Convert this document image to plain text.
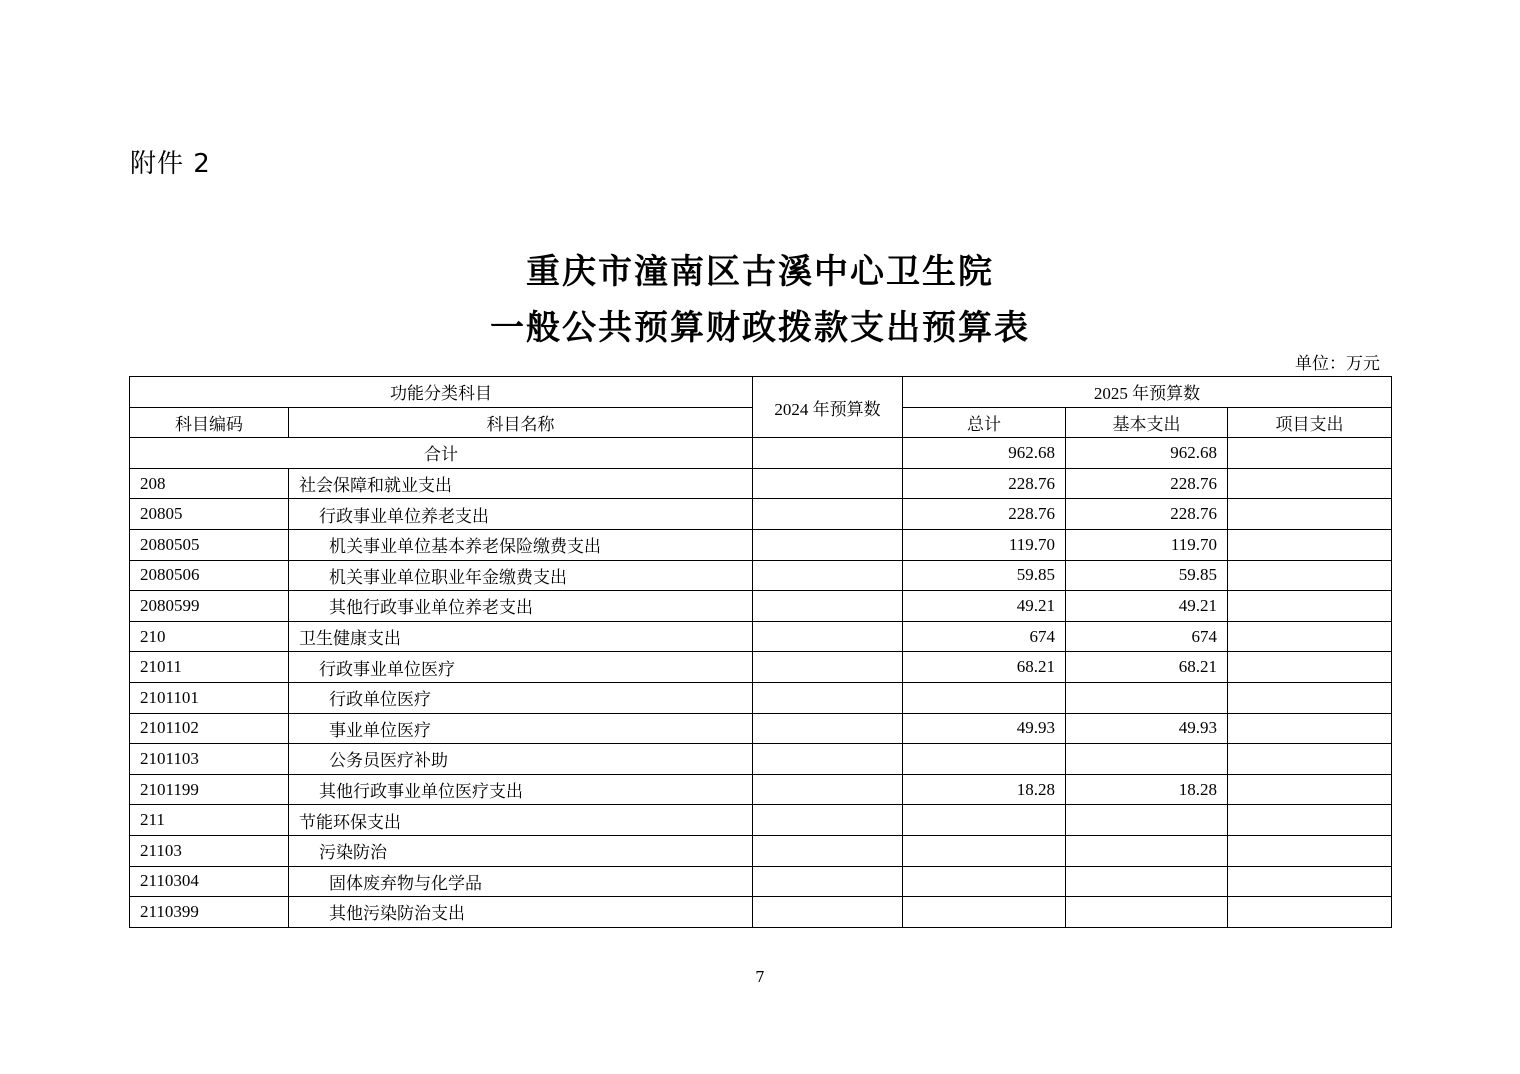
附件 2
重庆市潼南区古溪中心卫生院
一般公共预算财政拨款支出预算表
单位：万元
功能分类科目		2024 年预算数	2025 年预算数		
科目编码	科目名称		总计	基本支出	项目支出
合计			962.68	962.68	
208	社会保障和就业支出		228.76	228.76	
20805	行政事业单位养老支出		228.76	228.76	
2080505	机关事业单位基本养老保险缴费支出		119.70	119.70	
2080506	机关事业单位职业年金缴费支出		59.85	59.85	
2080599	其他行政事业单位养老支出		49.21	49.21	
210	卫生健康支出		674	674	
21011	行政事业单位医疗		68.21	68.21	
2101101	行政单位医疗				
2101102	事业单位医疗		49.93	49.93	
2101103	公务员医疗补助				
2101199	其他行政事业单位医疗支出		18.28	18.28	
211	节能环保支出				
21103	污染防治				
2110304	固体废弃物与化学品				
2110399	其他污染防治支出				
7
